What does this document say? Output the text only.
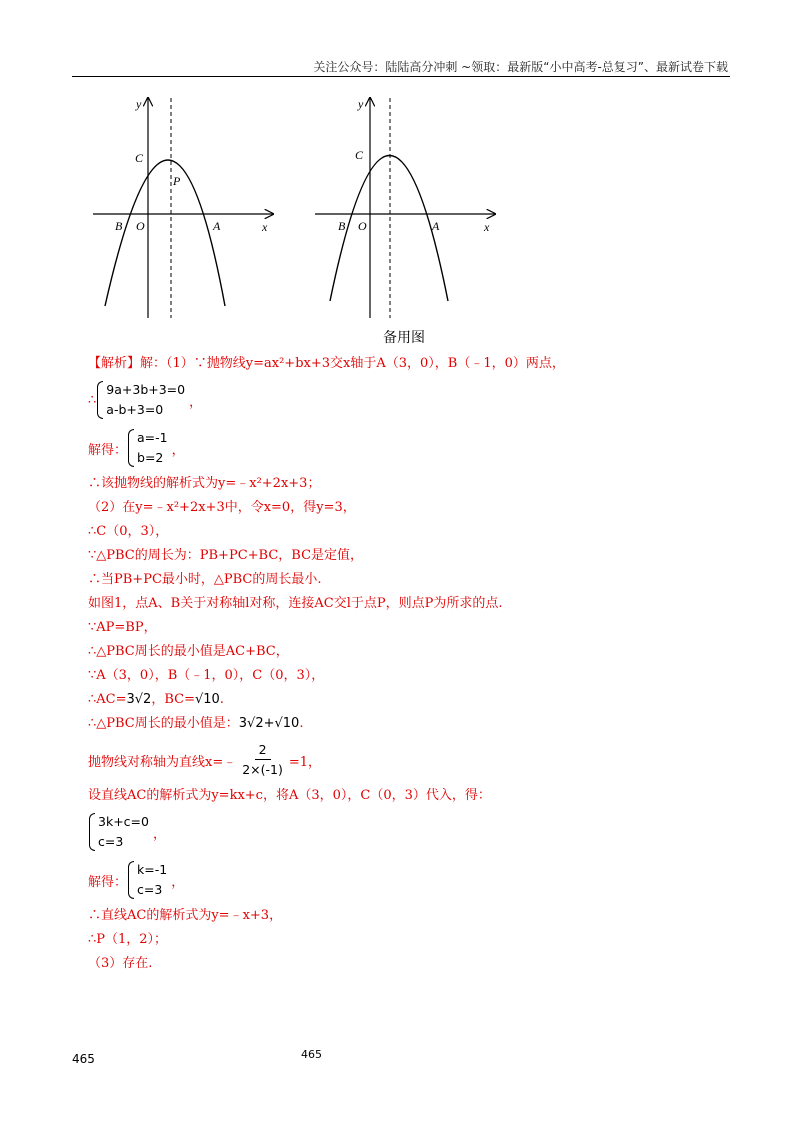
关注公众号：陆陆高分冲刺 ~领取：最新版“小中高考-总复习”、最新试卷下载
y
x
C
P
B O	A
y
x
C
B O	A
备用图
【解析】解：（1）∵抛物线y=ax²+bx+3交x轴于A（3，0），B（﹣1，0）两点，
∴
9a+3b+3=0
a-b+3=0	，
解得：
a=-1
b=2 ，
∴该抛物线的解析式为y=﹣x²+2x+3；
（2）在y=﹣x²+2x+3中，令x=0，得y=3，
∴C（0，3），
∵△PBC的周长为：PB+PC+BC，BC是定值，
∴当PB+PC最小时，△PBC的周长最小.
如图1，点A、B关于对称轴l对称，连接AC交l于点P，则点P为所求的点.
∵AP=BP，
∴△PBC周长的最小值是AC+BC，
∵A（3，0），B（﹣1，0），C（0，3），
∴AC=3√2，BC=√10.
∴△PBC周长的最小值是：3√2+√10.
抛物线对称轴为直线x=﹣ $\frac{2}{2\times(-1)} =1$，
设直线AC的解析式为y=kx+c，将A（3，0），C（0，3）代入，得：
3k+c=0
c=3	，
解得：
k=-1
c=3 ，
∴直线AC的解析式为y=﹣x+3，
∴P（1，2）；
（3）存在.
465	465
